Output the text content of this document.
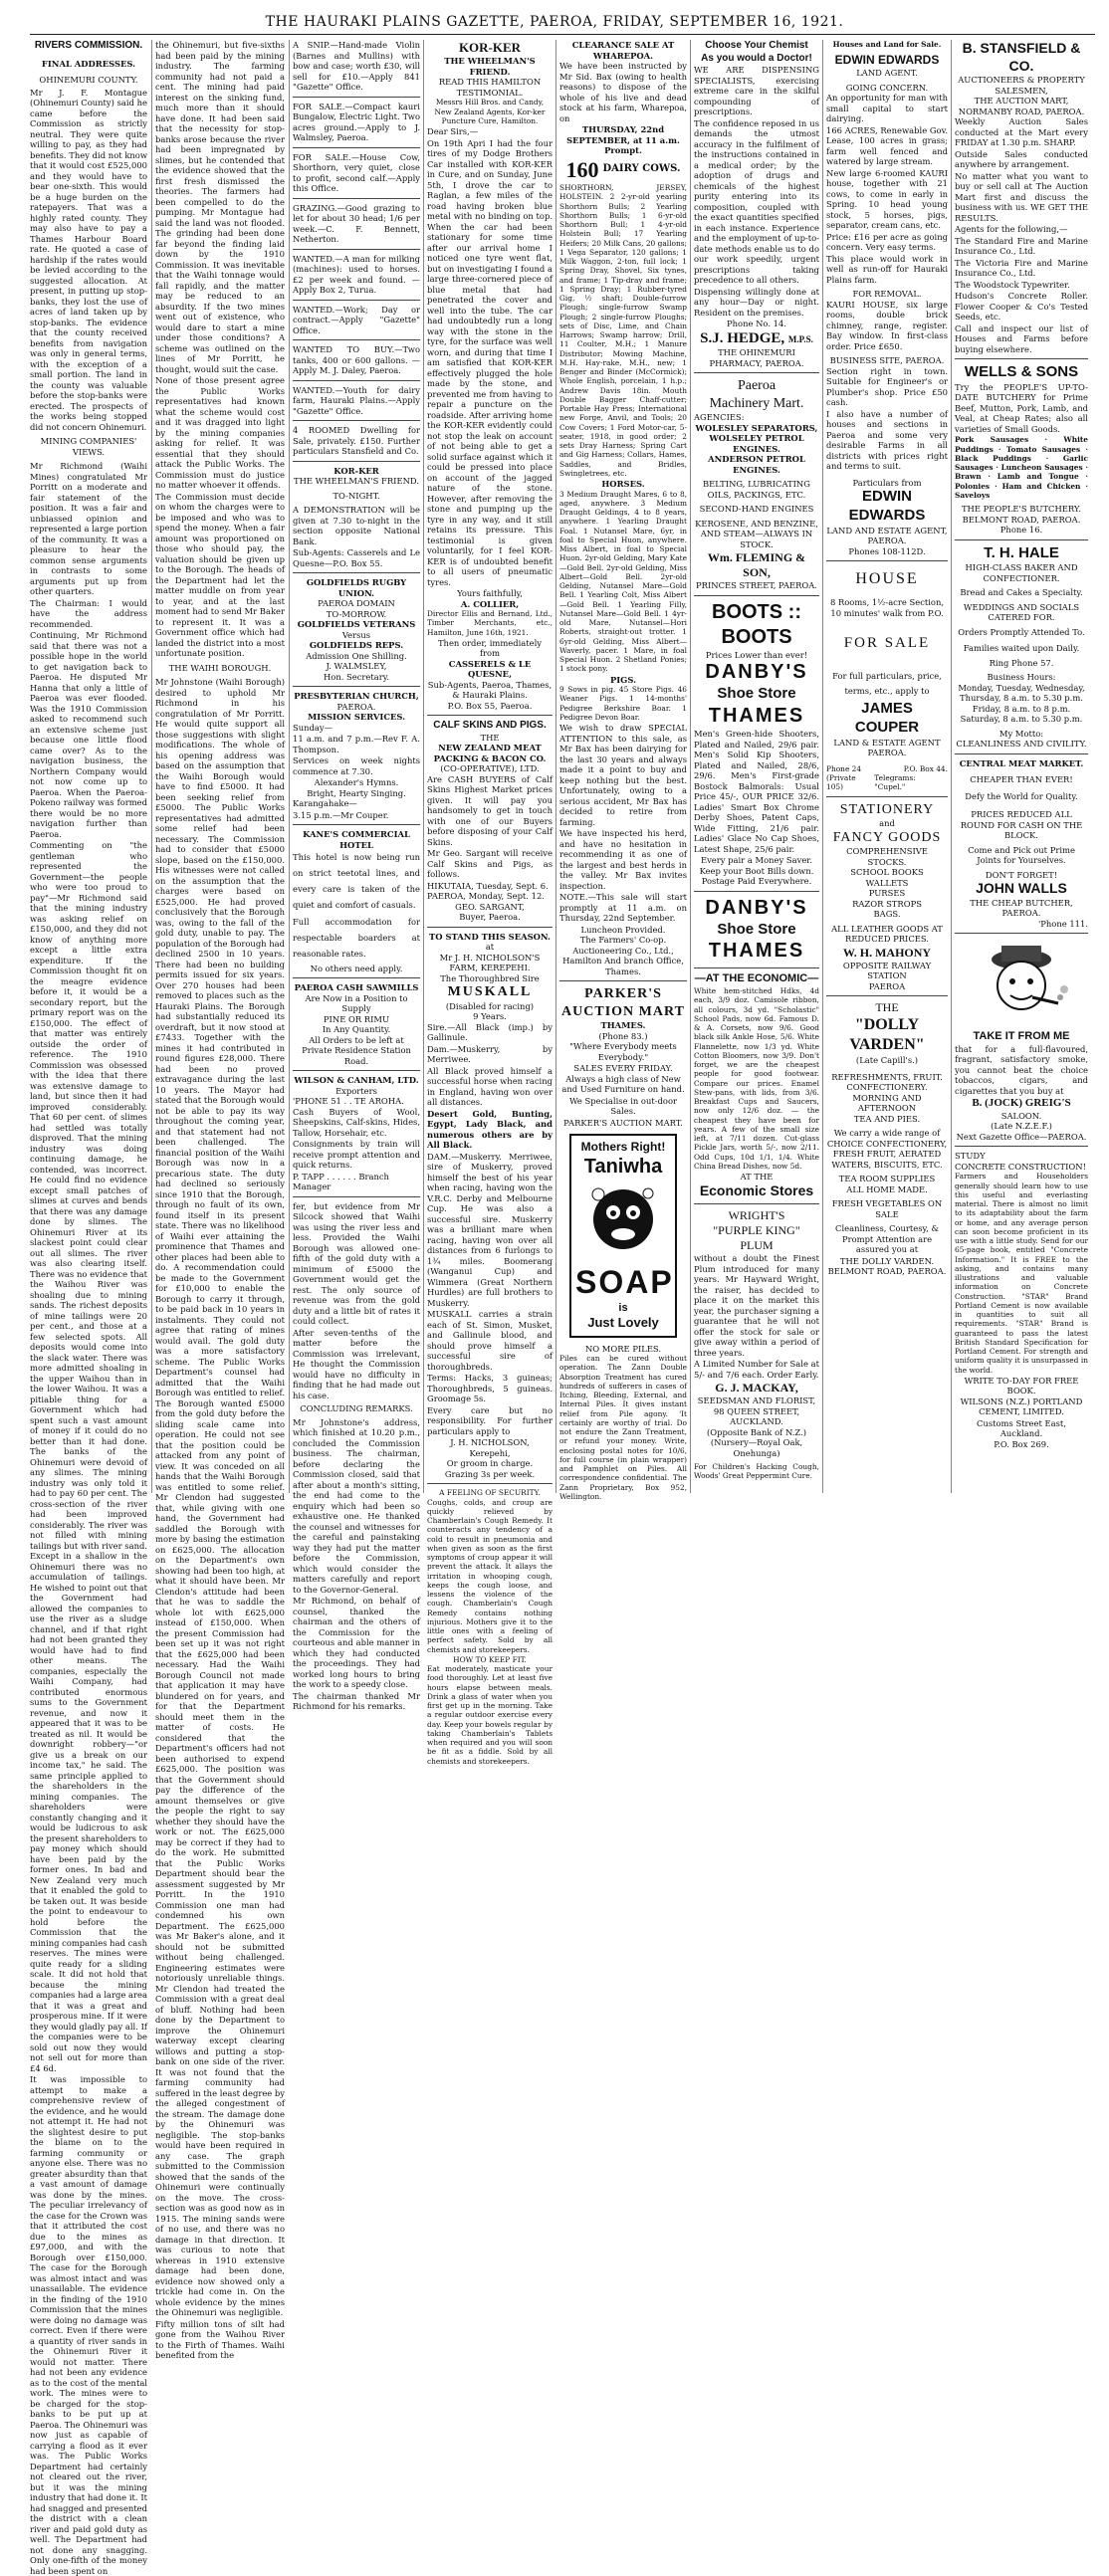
THE HAURAKI PLAINS GAZETTE, PAEROA, FRIDAY, SEPTEMBER 16, 1921.
RIVERS COMMISSION.
FINAL ADDRESSES.
OHINEMURI COUNTY.

Mr J. F. Montague (Ohinemuri County) said he came before the Commission as strictly neutral. They were quite willing to pay, as they had benefits. They did not know that it would cost £525,000 and they would have to bear one-sixth. This would be a huge burden on the ratepayers. That was a highly rated county. They may also have to pay a Thames Harbour Board rate. He quoted a case of hardship if the rates would be levied according to the suggested allocation. At present, in putting up stop-banks, they lost the use of acres of land taken up by stop-banks. The evidence that the county received benefits from navigation was only in general terms, with the exception of a small portion. The land in the county was valuable before the stop-banks were erected. The prospects of the works being stopped did not concern Ohinemuri.

MINING COMPANIES' VIEWS.

Mr Richmond (Waihi Mines) congratulated Mr Porritt on a moderate and fair statement of the position. It was a fair and unbiassed opinion and represented a large portion of the community. It was a pleasure to hear the common sense arguments in contrasts to some arguments put up from other quarters.

The Chairman: I would have the address recommended.

Continuing, Mr Richmond said that there was not a possible hope in the world to get navigation back to Paeroa. He disputed Mr Hanna that only a little of Paeroa was ever flooded. Was the 1910 Commission asked to recommend such an extensive scheme just because one little flood came over? As to the navigation business, the Northern Company would not now come up to Paeroa. When the Paeroa-Pokeno railway was formed there would be no more navigation further than Paeroa.

Commenting on "the gentleman who represented the Government—the people who were too proud to pay"—Mr Richmond said that the mining industry was asking relief on £150,000, and they did not know of anything more except a little extra expenditure. If the Commission thought fit on the meagre evidence before it, it would be a secondary report, but the primary report was on the £150,000. The effect of that matter was entirely outside the order of reference. The 1910 Commission was obsessed with the idea that there was extensive damage to land, but since then it had improved considerably. That 60 per cent. of slimes had settled was totally disproved. That the mining industry was doing continuing damage, he contended, was incorrect. He could find no evidence except small patches of slimes at curves and bends that there was any damage done by slimes. The Ohinemuri River at its slackest point could clear out all slimes. The river was also clearing itself. There was no evidence that the Waihou River was shoaling due to mining sands. The richest deposits of mine tailings were 20 per cent., and those at a few selected spots. All deposits would come into the slack water. There was more admitted shoaling in the upper Waihou than in the lower Waihou. It was a pitiable thing for a Government which had spent such a vast amount of money if it could do no better than it had done. The banks of the Ohinemuri were devoid of any slimes. The mining industry was only told it had to pay 60 per cent. The cross-section of the river had been improved considerably. The river was not filled with mining tailings but with river sand. Except in a shallow in the Ohinemuri there was no accumulation of tailings. He wished to point out that the Government had allowed the companies to use the river as a sludge channel, and if that right had not been granted they would have had to find other means. The companies, especially the Waihi Company, had contributed enormous sums to the Government revenue, and now it appeared that it was to be treated as nil. It would be downright robbery—"or give us a break on our income tax," he said. The same principle applied to the shareholders in the mining companies. The shareholders were constantly changing and it would be ludicrous to ask the present shareholders to pay money which should have been paid by the former ones. In bad and New Zealand very much that it enabled the gold to be taken out. It was beside the point to endeavour to hold before the Commission that the mining companies had cash reserves. The mines were quite ready for a sliding scale. It did not hold that because the mining companies had a large area that it was a great and prosperous mine. If it were they would gladly pay all. If the companies were to be sold out now they would not sell out for more than £4 6d.

It was impossible to attempt to make a comprehensive review of the evidence, and he would not attempt it. He had not the slightest desire to put the blame on to the farming community or anyone else. There was no greater absurdity than that a vast amount of damage was done by the mines. The peculiar irrelevancy of the case for the Crown was that it attributed the cost due to the mines as £97,000, and with the Borough over £150,000. The case for the Borough was almost intact and was unassailable. The evidence in the finding of the 1910 Commission that the mines were doing no damage was correct. Even if there were a quantity of river sands in the Ohinemuri River it would not matter. There had not been any evidence as to the cost of the mental work. The mines were to be charged for the stop-banks to be put up at Paeroa. The Ohinemuri was now just as capable of carrying a flood as it ever was. The Public Works Department had certainly not cleared out the river, but it was the mining industry that had done it. It had snagged and presented the district with a clean river and paid gold duty as well. The Department had not done any snagging. Only one-fifth of the money had been spent on

the Ohinemuri, but five-sixths had been paid by the mining industry. The farming community had not paid a cent. The mining had paid interest on the sinking fund, much more than it should have done. It had been said that the necessity for stop-banks arose because the river had been impregnated by slimes, but he contended that the evidence showed that the first fresh dismissed the theories. The farmers had been compelled to do the pumping. Mr Montague had said the land was not flooded. The grinding had been done far beyond the finding laid down by the 1910 Commission. It was inevitable that the Waihi tonnage would fall rapidly, and the matter may be reduced to an absurdity. If the two mines went out of existence, who would dare to start a mine under those conditions? A scheme was outlined on the lines of Mr Porritt, he thought, would suit the case.

None of those present agree the Public Works representatives had known what the scheme would cost and it was dragged into light by the mining companies asking for relief. It was essential that they should attack the Public Works. The Commission must do justice no matter whoever it offends.

The Commission must decide on whom the charges were to be imposed and who was to spend the money. When a fair amount was proportioned on those who should pay, the valuation should be given up to the Borough. The heads of the Department had let the matter muddle on from year to year, and at the last moment had to send Mr Baker to represent it. It was a Government office which had landed the district into a most unfortunate position.

THE WAIHI BOROUGH.

Mr Johnstone (Waihi Borough) desired to uphold Mr Richmond in his congratulation of Mr Porritt. He would quite support all those suggestions with slight modifications. The whole of his opening address was based on the assumption that the Waihi Borough would have to find £5000. It had been seeking relief from £5000. The Public Works representatives had admitted some relief had been necessary. The Commission had to consider that £5000 slope, based on the £150,000. His witnesses were not called on the assumption that the charges were based on £525,000. He had proved conclusively that the Borough was, owing to the fall of the gold duty, unable to pay. The population of the Borough had declined 2500 in 10 years. There had been no building permits issued for six years. Over 270 houses had been removed to places such as the Hauraki Plains. The Borough had substantially reduced its overdraft, but it now stood at £7433. Together with the mines it had contributed in round figures £28,000. There had been no proved extravagance during the last 10 years. The Mayor had stated that the Borough would not be able to pay its way throughout the coming year, and that statement had not been challenged. The financial position of the Waihi Borough was now in a precarious state. The duty had declined so seriously since 1910 that the Borough, through no fault of its own, found itself in its present state. There was no likelihood of Waihi ever attaining the prominence that Thames and other places had been able to do. A recommendation could be made to the Government for £10,000 to enable the Borough to carry it through, to be paid back in 10 years in instalments. They could not agree that rating of mines would avail. The gold duty was a more satisfactory scheme. The Public Works Department's counsel had admitted that the Waihi Borough was entitled to relief. The Borough wanted £5000 from the gold duty before the sliding scale came into operation. He could not see that the position could be attacked from any point of view. It was conceded on all hands that the Waihi Borough was entitled to some relief. Mr Clendon had suggested that, while giving with one hand, the Government had saddled the Borough with more by basing the estimation on £625,000. The allocation on the Department's own showing had been too high, at what it should have been. Mr Clendon's attitude had been that he was to saddle the whole lot with £625,000 instead of £150,000. When the present Commission had been set up it was not right that the £625,000 had been necessary. Had the Waihi Borough Council not made that application it may have blundered on for years, and for that the Department should meet them in the matter of costs. He considered that the Department's officers had not been authorised to expend £625,000. The position was that the Government should pay the difference of the amount themselves or give the people the right to say whether they should have the work or not. The £625,000 may be correct if they had to do the work. He submitted that the Public Works Department should bear the assessment suggested by Mr Porritt. In the 1910 Commission one man had condemned his own Department. The £625,000 was Mr Baker's alone, and it should not be submitted without being challenged. Engineering estimates were notoriously unreliable things. Mr Clendon had treated the Commission with a great deal of bluff. Nothing had been done by the Department to improve the Ohinemuri waterway except clearing willows and putting a stop-bank on one side of the river. It was not found that the farming community had suffered in the least degree by the alleged congestment of the stream. The damage done by the Ohinemuri was negligible. The stop-banks would have been required in any case. The graph submitted to the Commission showed that the sands of the Ohinemuri were continually on the move. The cross-section was as good now as in 1915. The mining sands were of no use, and there was no damage in that direction. It was curious to note that whereas in 1910 extensive damage had been done, evidence now showed only a trickle had come in. On the whole evidence by the mines the Ohinemuri was negligible.

Fifty million tons of silt had gone from the Waihou River to the Firth of Thames. Waihi benefited from the

A SNIP.—Hand-made Violin (Barnes and Mullins) with bow and case; worth £30, will sell for £10.—Apply 841 "Gazette" Office.

FOR SALE.—Compact kauri Bungalow, Electric Light. Two acres ground.—Apply to J. Walmsley, Paeroa.

FOR SALE.—House Cow, Shorthorn, very quiet, close to profit, second calf.—Apply this Office.

GRAZING.—Good grazing to let for about 30 head; 1/6 per week.—C. F. Bennett, Netherton.

WANTED.—A man for milking (machines): used to horses. £2 per week and found. —Apply Box 2, Turua.

WANTED.—Work; Day or contract.—Apply "Gazette" Office.

WANTED TO BUY.—Two tanks, 400 or 600 gallons. —Apply M. J. Daley, Paeroa.

WANTED.—Youth for dairy farm, Hauraki Plains.—Apply "Gazette" Office.

4 ROOMED Dwelling for Sale, privately. £150. Further particulars Stansfield and Co.

KOR-KER
THE WHEELMAN'S FRIEND.
TO-NIGHT.

A DEMONSTRATION will be given at 7.30 to-night in the section opposite National Bank.

Sub-Agents: Casserels and Le Quesne—P.O. Box 55.

GOLDFIELDS RUGBY UNION.
PAEROA DOMAIN
TO-MORROW.
GOLDFIELDS VETERANS
Versus
GOLDFIELDS REPS.
Admission One Shilling.
J. WALMSLEY,
Hon. Secretary.
PRESBYTERIAN CHURCH,
PAEROA.
MISSION SERVICES.

Sunday—

11 a.m. and 7 p.m.—Rev F. A. Thompson.

Services on week nights commence at 7.30.

Alexander's Hymns.
Bright, Hearty Singing.

Karangahake—

3.15 p.m.—Mr Couper.

KANE'S COMMERCIAL HOTEL

This hotel is now being run on strict teetotal lines, and every care is taken of the quiet and comfort of casuals.

Full accommodation for respectable boarders at reasonable rates.

No others need apply.
PAEROA CASH SAWMILLS
Are Now in a Position to Supply
PINE OR RIMU
In Any Quantity.

All Orders to be left at Private Residence Station Road.

WILSON & CANHAM, LTD.
Exporters
'PHONE 51 . . TE AROHA.

Cash Buyers of Wool, Sheepskins, Calf-skins, Hides, Tallow, Horsehair, etc.

Consignments by train will receive prompt attention and quick returns.

P. TAPP . . . . . . Branch Manager

fer, but evidence from Mr Silcock showed that Waihi was using the river less and less. Provided the Waihi Borough was allowed one-fifth of the gold duty with a minimum of £5000 the Government would get the rest. The only source of revenue was from the gold duty and a little bit of rates it could collect.

After seven-tenths of the matter before the Commission was irrelevant, He thought the Commission would have no difficulty in finding that he had made out his case.

CONCLUDING REMARKS.

Mr Johnstone's address, which finished at 10.20 p.m., concluded the Commission business. The chairman, before declaring the Commission closed, said that after about a month's sitting, the end had come to the enquiry which had been so exhaustive one. He thanked the counsel and witnesses for the careful and painstaking way they had put the matter before the Commission, which would consider the matters carefully and report to the Governor-General.

Mr Richmond, on behalf of counsel, thanked the chairman and the others of the Commission for the courteous and able manner in which they had conducted the proceedings. They had worked long hours to bring the work to a speedy close.

The chairman thanked Mr Richmond for his remarks.

KOR-KER
THE WHEELMAN'S FRIEND.
READ THIS HAMILTON TESTIMONIAL.

Messrs Hill Bros. and Candy, New Zealand Agents, Kor-ker Puncture Cure, Hamilton.

Dear Sirs,—

On 19th Apri I had the four tires of my Dodge Brothers Car installed with KOR-KER in Cure, and on Sunday, June 5th, I drove the car to Raglan, a few miles of the road having broken blue metal with no binding on top. When the car had been stationary for some time after our arrival home I noticed one tyre went flat, but on investigating I found a large three-cornered piece of blue metal that had penetrated the cover and well into the tube. The car had undoubtedly run a long way with the stone in the tyre, for the surface was well worn, and during that time I am satisfied that KOR-KER effectively plugged the hole made by the stone, and prevented me from having to repair a puncture on the roadside. After arriving home the KOR-KER evidently could not stop the leak on account of not being able to get a solid surface against which it could be pressed into place on account of the jagged nature of the stone. However, after removing the stone and pumping up the tyre in any way, and it still retains its pressure. This testimonial is given voluntarily, for I feel KOR-KER is of undoubted benefit to all users of pneumatic tyres.

Yours faithfully,
A. COLLIER,

Director Ellis and Bernand, Ltd., Timber Merchants, etc., Hamilton, June 16th, 1921.

Then order, immediately from
CASSERELS & LE QUESNE,
Sub-Agents, Paeroa, Thames, & Hauraki Plains.
P.O. Box 55, Paeroa.
CALF SKINS AND PIGS.
THE
NEW ZEALAND MEAT PACKING & BACON CO.
(CO-OPERATIVE), LTD.

Are CASH BUYERS of Calf Skins Highest Market prices given. It will pay you handsomely to get in touch with one of our Buyers before disposing of your Calf Skins.

Mr Geo. Sargant will receive Calf Skins and Pigs, as follows.

HIKUTAIA, Tuesday, Sept. 6.
PAEROA, Monday, Sept. 12.
GEO. SARGANT,
Buyer, Paeroa.
TO STAND THIS SEASON.
at
Mr J. H. NICHOLSON'S FARM, KEREPEHI.
The Thoroughbred Sire
MUSKALL
(Disabled for racing)
9 Years.

Sire.—All Black (imp.) by Gallinule.

Dam.—Muskerry, by Merriwee.

All Black proved himself a successful horse when racing in England, having won over all distances.

Desert Gold, Bunting, Egypt, Lady Black, and numerous others are by All Black.

DAM.—Muskerry. Merriwee, sire of Muskerry, proved himself the best of his year when racing, having won the V.R.C. Derby and Melbourne Cup. He was also a successful sire. Muskerry was a brilliant mare when racing, having won over all distances from 6 furlongs to 1¾ miles. Boomerang (Wanganui Cup) and Wimmera (Great Northern Hurdles) are full brothers to Muskerry.

MUSKALL carries a strain each of St. Simon, Musket, and Gallinule blood, and should prove himself a successful sire of thoroughbreds.

Terms: Hacks, 3 guineas; Thoroughbreds, 5 guineas. Groomage 5s.

Every care but no responsibility. For further particulars apply to

J. H. NICHOLSON,
Kerepehi,
Or groom in charge.
Grazing 3s per week.
A FEELING OF SECURITY.

Coughs, colds, and croup are quickly relieved by Chamberlain's Cough Remedy. It counteracts any tendency of a cold to result in pneumonia and when given as soon as the first symptoms of croup appear it will prevent the attack. It allays the irritation in whooping cough, keeps the cough loose, and lessens the violence of the cough. Chamberlain's Cough Remedy contains nothing injurious. Mothers give it to the little ones with a feeling of perfect safety. Sold by all chemists and storekeepers.

HOW TO KEEP FIT.

Eat moderately, masticate your food thoroughly. Let at least five hours elapse between meals. Drink a glass of water when you first get up in the morning. Take a regular outdoor exercise every day. Keep your bowels regular by taking Chamberlain's Tablets when required and you will soon be fit as a fiddle. Sold by all chemists and storekeepers.

CLEARANCE SALE AT WHAREPOA.

We have been instructed by Mr Sid. Bax (owing to health reasons) to dispose of the whole of his live and dead stock at his farm, Wharepoa, on

THURSDAY, 22nd SEPTEMBER, at 11 a.m. Prompt.
160 DAIRY COWS.

SHORTHORN, JERSEY, HOLSTEIN. 2 2-yr-old yearling Shorthorn Bulls; 2 Yearling Shorthorn Bulls; 1 6-yr-old Shorthorn Bull; 1 4-yr-old Holstein Bull; 17 Yearling Heifers; 20 Milk Cans, 20 gallons; 1 Vega Separator, 120 gallons; 1 Milk Waggon, 2-ton, full lock; 1 Spring Dray, Shovel, Six tynes, and frame; 1 Tip-dray and frame; 1 Spring Dray; 1 Rubber-tyred Gig, ½ shaft; Double-furrow Plough; single-furrow Swamp Plough; 2 single-furrow Ploughs; sets of Disc, Lime, and Chain Harrows; Swamp harrow; Drill, 11 Coulter, M.H.; 1 Manure Distributor; Mowing Machine, M.H. Hay-rake, M.H., new; 1 Benger and Binder (McCormick); Whole English, porcelain, 1 h.p.; Andrew Davis 18in. Mouth Double Bagger Chaff-cutter; Portable Hay Press; International new Forge, Anvil, and Tools; 20 Cow Covers; 1 Ford Motor-car, 5-seater, 1918, in good order; 2 sets Dray Harness; Spring Cart and Gig Harness; Collars, Hames, Saddles, and Bridles, Swingletrees, etc.

HORSES.

3 Medium Draught Mares, 6 to 8, aged, anywhere. 3 Medium Draught Geldings, 4 to 8 years, anywhere. 1 Yearling Draught Foal. 1 Nutansel Mare, 6yr, in foal to Special Huon, anywhere. Miss Albert, in foal to Special Huon. 2yr-old Gelding, Mary Kate—Gold Bell. 2yr-old Gelding, Miss Albert—Gold Bell. 2yr-old Gelding, Nutansel Mare—Gold Bell. 1 Yearling Colt, Miss Albert—Gold Bell. 1 Yearling Filly, Nutansel Mare—Gold Bell. 1 4yr-old Mare, Nutansel—Hori Roberts, straight-out trotter. 1 6yr-old Gelding, Miss Albert—Waverly, pacer. 1 Mare, in foal Special Huon. 2 Shetland Ponies; 1 stock pony.

PIGS.

9 Sows in pig. 45 Store Pigs. 46 Weaner Pigs. 1 14-months' Pedigree Berkshire Boar. 1 Pedigree Devon Boar.

We wish to draw SPECIAL ATTENTION to this sale, as Mr Bax has been dairying for the last 30 years and always made it a point to buy and keep nothing but the best. Unfortunately, owing to a serious accident, Mr Bax has decided to retire from farming.

We have inspected his herd, and have no hesitation in recommending it as one of the largest and best herds in the valley. Mr Bax invites inspection.

NOTE.—This sale will start promptly at 11 a.m. on Thursday, 22nd September.

Luncheon Provided.

The Farmers' Co-op. Auctioneering Co., Ltd., Hamilton And branch Office, Thames.

PARKER'S
AUCTION MART
THAMES.
(Phone 83.)

"Where Everybody meets Everybody."

SALES EVERY FRIDAY.

Always a high class of New and Used Furniture on hand.

We Specialise in out-door Sales.

PARKER'S AUCTION MART.
Mothers Right!
Taniwha
SOAP
is
Just Lovely
NO MORE PILES.

Piles can be cured without operation. The Zann Double Absorption Treatment has cured hundreds of sufferers in cases of Itching, Bleeding, External, and Internal Piles. It gives instant relief from Pile agony. 'It certainly are worthy of trial. Do not endure the Zann Treatment, or refund your money. Write, enclosing postal notes for 10/6, for full course (in plain wrapper) and Pamphlet on Piles. All correspondence confidential. The Zann Proprietary, Box 952, Wellington.

Choose Your Chemist
As you would a Doctor!

WE ARE DISPENSING SPECIALISTS, exercising extreme care in the skilful compounding of prescriptions.

The confidence reposed in us demands the utmost accuracy in the fulfilment of the instructions contained in a medical order; by the adoption of drugs and chemicals of the highest purity entering into its composition, coupled with the exact quantities specified in each instance. Experience and the employment of up-to-date methods enable us to do our work speedily, urgent prescriptions taking precedence to all others.

Dispensing willingly done at any hour—Day or night. Resident on the premises.

Phone No. 14.
S.J. HEDGE, M.P.S.
THE OHINEMURI PHARMACY, PAEROA.
Paeroa
Machinery Mart.
AGENCIES:
WOLESLEY SEPARATORS,
WOLSELEY PETROL ENGINES.
ANDERSON PETROL ENGINES.

BELTING, LUBRICATING OILS, PACKINGS, ETC.

SECOND-HAND ENGINES

KEROSENE, AND BENZINE, AND STEAM—ALWAYS IN STOCK.

Wm. FLEMING & SON,
PRINCES STREET, PAEROA.
BOOTS :: BOOTS
Prices Lower than ever!
DANBY'S
Shoe Store
THAMES

Men's Green-hide Shooters, Plated and Nailed, 29/6 pair. Men's Solid Kip Shooters, Plated and Nailed, 28/6, 29/6. Men's First-grade Bostock Balmorals: Usual Price 45/-, OUR PRICE 32/6. Ladies' Smart Box Chrome Derby Shoes, Patent Caps, Wide Fitting, 21/6 pair. Ladies' Glace No Cap Shoes, Latest Shape, 25/6 pair.

Every pair a Money Saver.
Keep your Boot Bills down.
Postage Paid Everywhere.
DANBY'S
Shoe Store
THAMES
—AT THE ECONOMIC—

White hem-stitched Hdks, 4d each, 3/9 doz. Camisole ribbon, all colours, 3d yd. "Scholastic" School Pads, now 6d. Famous D. & A. Corsets, now 9/6. Good black silk Ankle Hose, 5/6. White Flannelette, now 1/3 yd. White Cotton Bloomers, now 3/9. Don't forget, we are the cheapest people for good footwear. Compare our prices. Enamel Stew-pans, with lids, from 3/6. Breakfast Cups and Saucers, now only 12/6 doz. — the cheapest they have been for years. A few of the small size left, at 7/11 dozen. Cut-glass Pickle Jars, worth 5/-, now 2/11. Odd Cups, 10d 1/1, 1/4. White China Bread Dishes, now 5d.

AT THE
Economic Stores
WRIGHT'S
"PURPLE KING"
PLUM

without a doubt the Finest Plum introduced for many years. Mr Hayward Wright, the raiser, has decided to place it on the market this year, the purchaser signing a guarantee that he will not offer the stock for sale or give away within a period of three years.

A Limited Number for Sale at 5/- and 7/6 each. Order Early.

G. J. MACKAY,
SEEDSMAN AND FLORIST,
98 QUEEN STREET, AUCKLAND.
(Opposite Bank of N.Z.)
(Nursery—Royal Oak, Onehunga)

For Children's Hacking Cough, Woods' Great Peppermint Cure.

Houses and Land for Sale.
EDWIN EDWARDS
LAND AGENT.
GOING CONCERN.

An opportunity for man with small capital to start dairying.

166 ACRES, Renewable Gov. Lease, 100 acres in grass; farm well fenced and watered by large stream.

New large 6-roomed KAURI house, together with 21 cows, to come in early in Spring. 10 head young stock, 5 horses, pigs, separator, cream cans, etc.

Price: £16 per acre as going concern. Very easy terms.

This place would work in well as run-off for Hauraki Plains farm.

FOR REMOVAL.

KAURI HOUSE, six large rooms, double brick chimney, range, register. Bay window. In first-class order. Price £650.

BUSINESS SITE, PAEROA.

Section right in town. Suitable for Engineer's or Plumber's shop. Price £50 cash.

I also have a number of houses and sections in Paeroa and some very desirable Farms in all districts with prices right and terms to suit.

Particulars from
EDWIN
EDWARDS
LAND AND ESTATE AGENT, PAEROA.
Phones 108-112D.
HOUSE

8 Rooms, 1½-acre Section, 10 minutes' walk from P.O.

FOR SALE

For full particulars, price, terms, etc., apply to

JAMES
COUPER
LAND & ESTATE AGENT
PAEROA.
Phone 24	P.O. Box 44.
(Private 105)
Telegrams: "Cupel."
STATIONERY
and
FANCY GOODS
COMPREHENSIVE STOCKS.
SCHOOL BOOKS
WALLETS
PURSES
RAZOR STROPS
BAGS.

ALL LEATHER GOODS AT REDUCED PRICES.

W. H. MAHONY
OPPOSITE RAILWAY STATION
PAEROA
THE
"DOLLY VARDEN"
(Late Capill's.)
REFRESHMENTS, FRUIT.
CONFECTIONERY.
MORNING AND AFTERNOON
TEA AND PIES.
We carry a wide range of

CHOICE CONFECTIONERY, FRESH FRUIT, AERATED WATERS, BISCUITS, ETC.

TEA ROOM SUPPLIES
ALL HOME MADE.
FRESH VEGETABLES ON SALE

Cleanliness, Courtesy, & Prompt Attention are assured you at

THE DOLLY VARDEN.
BELMONT ROAD, PAEROA.
B. STANSFIELD & CO.
AUCTIONEERS & PROPERTY SALESMEN,
THE AUCTION MART,
NORMANBY ROAD, PAEROA.

Weekly Auction Sales conducted at the Mart every FRIDAY at 1.30 p.m. SHARP.

Outside Sales conducted anywhere by arrangement.

No matter what you want to buy or sell call at The Auction Mart first and discuss the business with us. WE GET THE RESULTS.

Agents for the following,—

The Standard Fire and Marine Insurance Co., Ltd.

The Victoria Fire and Marine Insurance Co., Ltd.

The Woodstock Typewriter.

Hudson's Concrete Roller. Flower Cooper & Co's Tested Seeds, etc.

Call and inspect our list of Houses and Farms before buying elsewhere.

WELLS & SONS

Try the PEOPLE'S UP-TO-DATE BUTCHERY for Prime Beef, Mutton, Pork, Lamb, and Veal, at Cheap Rates; also all varieties of Small Goods.

Pork Sausages · White Puddings · Tomato Sausages · Black Puddings · Garlic Sausages · Luncheon Sausages · Brawn · Lamb and Tongue · Polonies · Ham and Chicken · Saveloys

THE PEOPLE'S BUTCHERY.
BELMONT ROAD, PAEROA.
Phone 16.
T. H. HALE
HIGH-CLASS BAKER AND CONFECTIONER.
Bread and Cakes a Specialty.
WEDDINGS AND SOCIALS CATERED FOR.
Orders Promptly Attended To.
Families waited upon Daily.
Ring Phone 57.
Business Hours:
Monday, Tuesday, Wednesday, Thursday, 8 a.m. to 5.30 p.m.
Friday, 8 a.m. to 8 p.m.
Saturday, 8 a.m. to 5.30 p.m.
My Motto:
CLEANLINESS AND CIVILITY.
CENTRAL MEAT MARKET.
CHEAPER THAN EVER!
Defy the World for Quality.

PRICES REDUCED ALL ROUND FOR CASH ON THE BLOCK.

Come and Pick out Prime Joints for Yourselves.

DON'T FORGET!
JOHN WALLS
THE CHEAP BUTCHER,
PAEROA.
'Phone 111.
TAKE IT FROM ME

that for a full-flavoured, fragrant, satisfactory smoke, you cannot beat the choice tobaccos, cigars, and cigarettes that you buy at

B. (JOCK) GREIG'S
SALOON.
(Late N.Z.E.F.)
Next Gazette Office—PAEROA.
STUDY
CONCRETE CONSTRUCTION!

Farmers and Householders generally should learn how to use this useful and everlasting material. There is almost no limit to its adaptability about the farm or home, and any average person can soon become proficient in its use with a little study. Send for our 65-page book, entitled "Concrete Information." It is FREE to the asking, and contains many illustrations and valuable information on Concrete Construction. "STAR" Brand Portland Cement is now available in quantities to suit all requirements. "STAR" Brand is guaranteed to pass the latest British Standard Specification for Portland Cement. For strength and uniform quality it is unsurpassed in the world.

WRITE TO-DAY FOR FREE BOOK.

WILSONS (N.Z.) PORTLAND CEMENT, LIMITED.

Customs Street East, Auckland.
P.O. Box 269.
